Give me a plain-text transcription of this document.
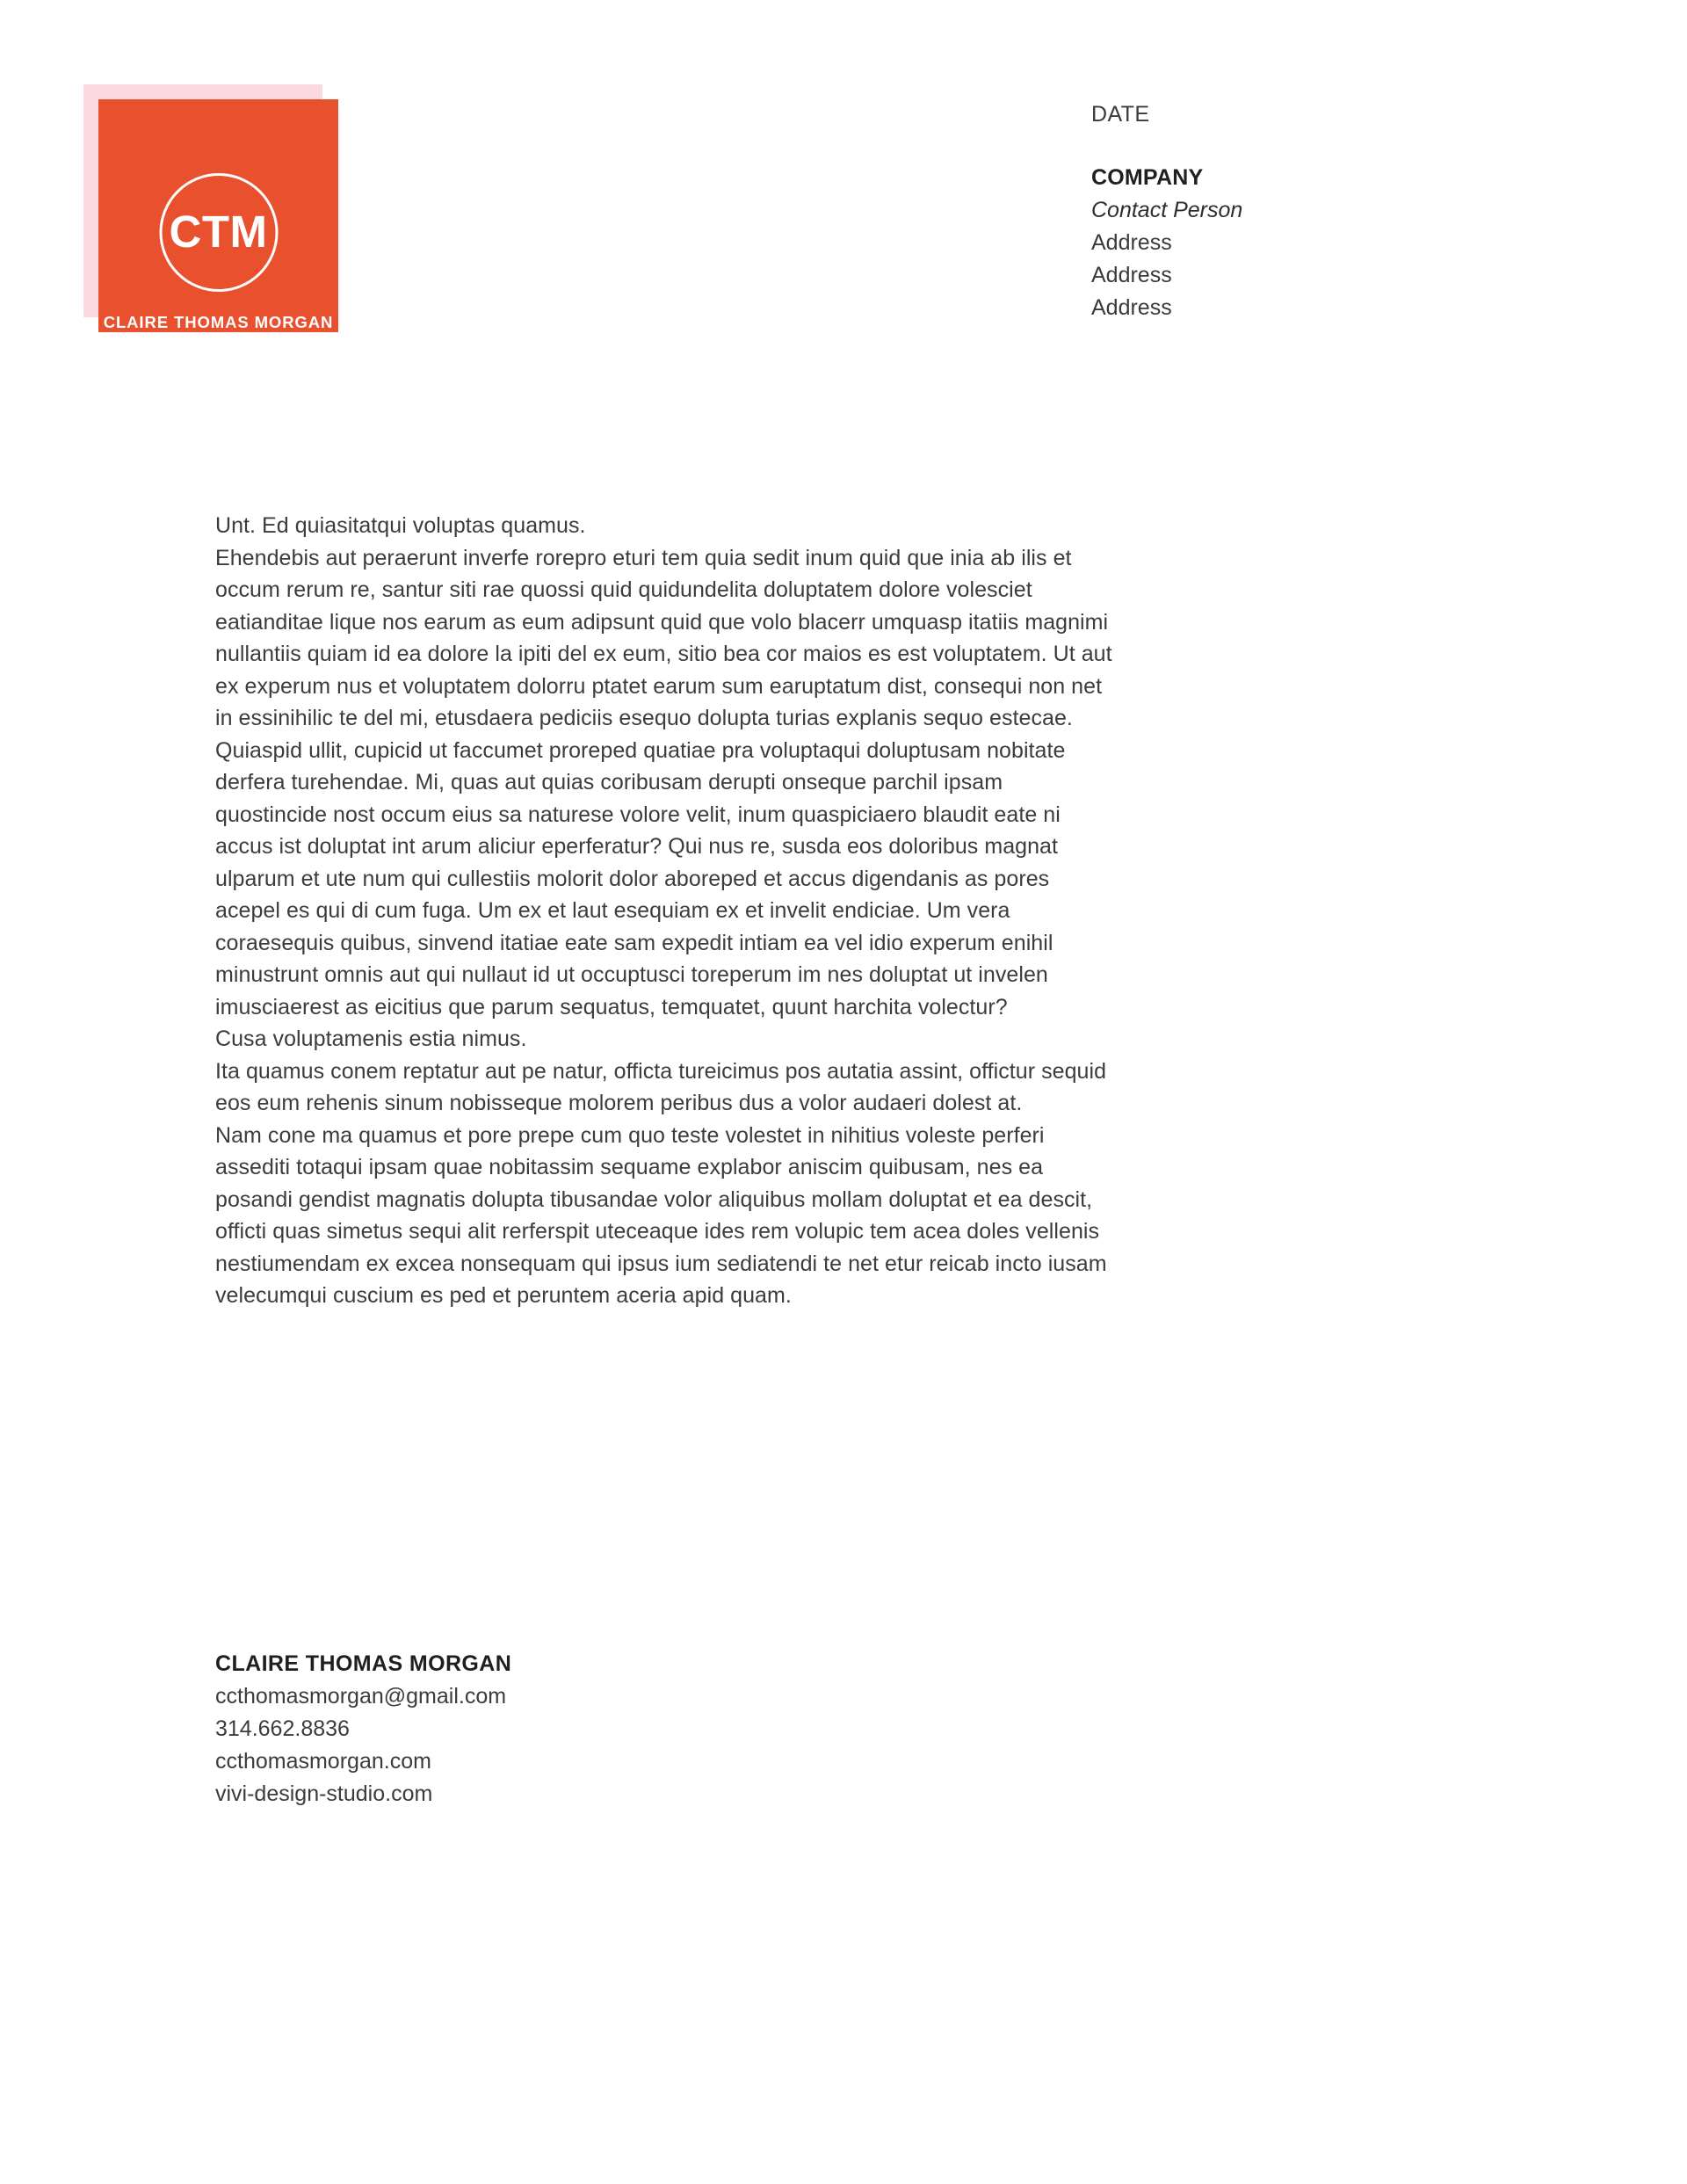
CTM
CLAIRE THOMAS MORGAN
DATE
COMPANY
Contact Person
Address
Address
Address

Unt. Ed quiasitatqui voluptas quamus.

Ehendebis aut peraerunt inverfe rorepro eturi tem quia sedit inum quid que inia ab ilis et occum rerum re, santur siti rae quossi quid quidundelita doluptatem dolore volesciet eatianditae lique nos earum as eum adipsunt quid que volo blacerr umquasp itatiis magnimi nullantiis quiam id ea dolore la ipiti del ex eum, sitio bea cor maios es est voluptatem. Ut aut ex experum nus et voluptatem dolorru ptatet earum sum earuptatum dist, consequi non net in essinihilic te del mi, etusdaera pediciis esequo dolupta turias explanis sequo estecae. Quiaspid ullit, cupicid ut faccumet proreped quatiae pra voluptaqui doluptusam nobitate derfera turehendae. Mi, quas aut quias coribusam derupti onseque parchil ipsam quostincide nost occum eius sa naturese volore velit, inum quaspiciaero blaudit eate ni accus ist doluptat int arum aliciur eperferatur? Qui nus re, susda eos doloribus magnat ulparum et ute num qui cullestiis molorit dolor aboreped et accus digendanis as pores acepel es qui di cum fuga. Um ex et laut esequiam ex et invelit endiciae. Um vera coraesequis quibus, sinvend itatiae eate sam expedit intiam ea vel idio experum enihil minustrunt omnis aut qui nullaut id ut occuptusci toreperum im nes doluptat ut invelen imusciaerest as eicitius que parum sequatus, temquatet, quunt harchita volectur?

Cusa voluptamenis estia nimus.

Ita quamus conem reptatur aut pe natur, officta tureicimus pos autatia assint, offictur sequid eos eum rehenis sinum nobisseque molorem peribus dus a volor audaeri dolest at.

Nam cone ma quamus et pore prepe cum quo teste volestet in nihitius voleste perferi assediti totaqui ipsam quae nobitassim sequame explabor aniscim quibusam, nes ea posandi gendist magnatis dolupta tibusandae volor aliquibus mollam doluptat et ea descit, officti quas simetus sequi alit rerferspit uteceaque ides rem volupic tem acea doles vellenis nestiumendam ex excea nonsequam qui ipsus ium sediatendi te net etur reicab incto iusam velecumqui cuscium es ped et peruntem aceria apid quam.

CLAIRE THOMAS MORGAN
ccthomasmorgan@gmail.com
314.662.8836
ccthomasmorgan.com
vivi-design-studio.com
